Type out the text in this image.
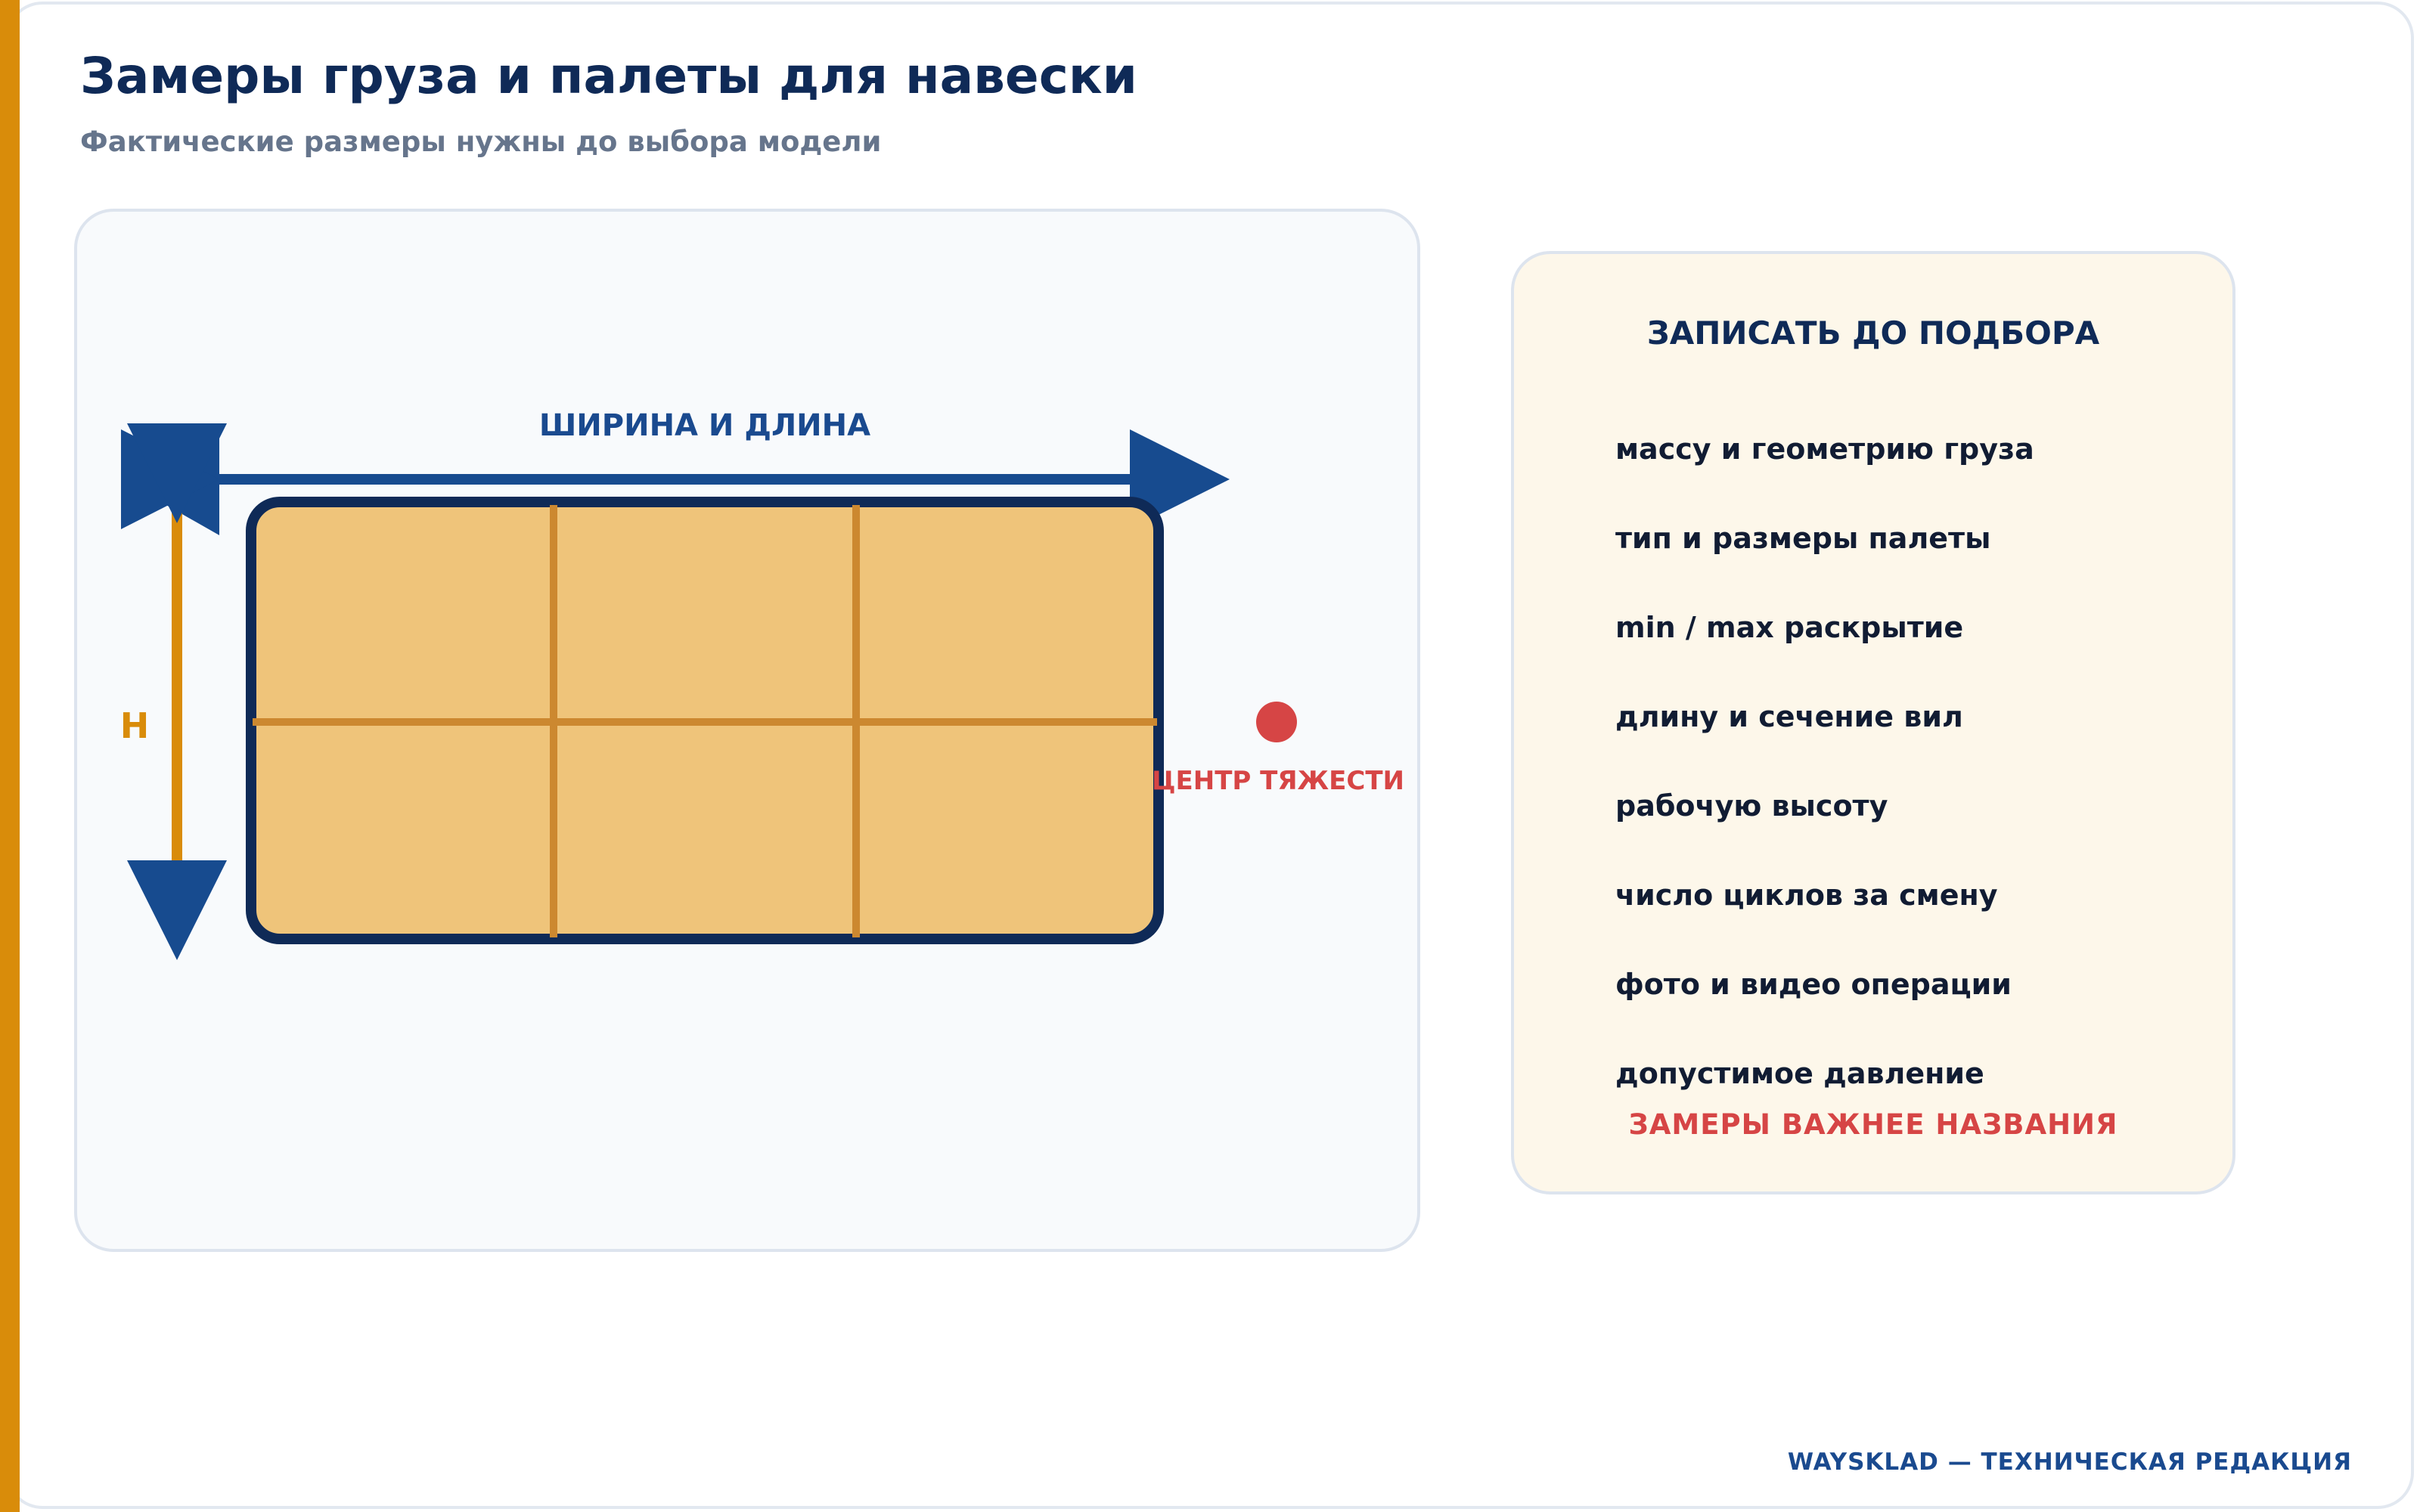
Замеры груза и палеты для навески

Фактические размеры нужны до выбора модели

ШИРИНА И ДЛИНА
H
ЦЕНТР ТЯЖЕСТИ
ЗАПИСАТЬ ДО ПОДБОРА
массу и геометрию груза
тип и размеры палеты
min / max раскрытие
длину и сечение вил
рабочую высоту
число циклов за смену
фото и видео операции
допустимое давление
ЗАМЕРЫ ВАЖНЕЕ НАЗВАНИЯ
WAYSKLAD — ТЕХНИЧЕСКАЯ РЕДАКЦИЯ
